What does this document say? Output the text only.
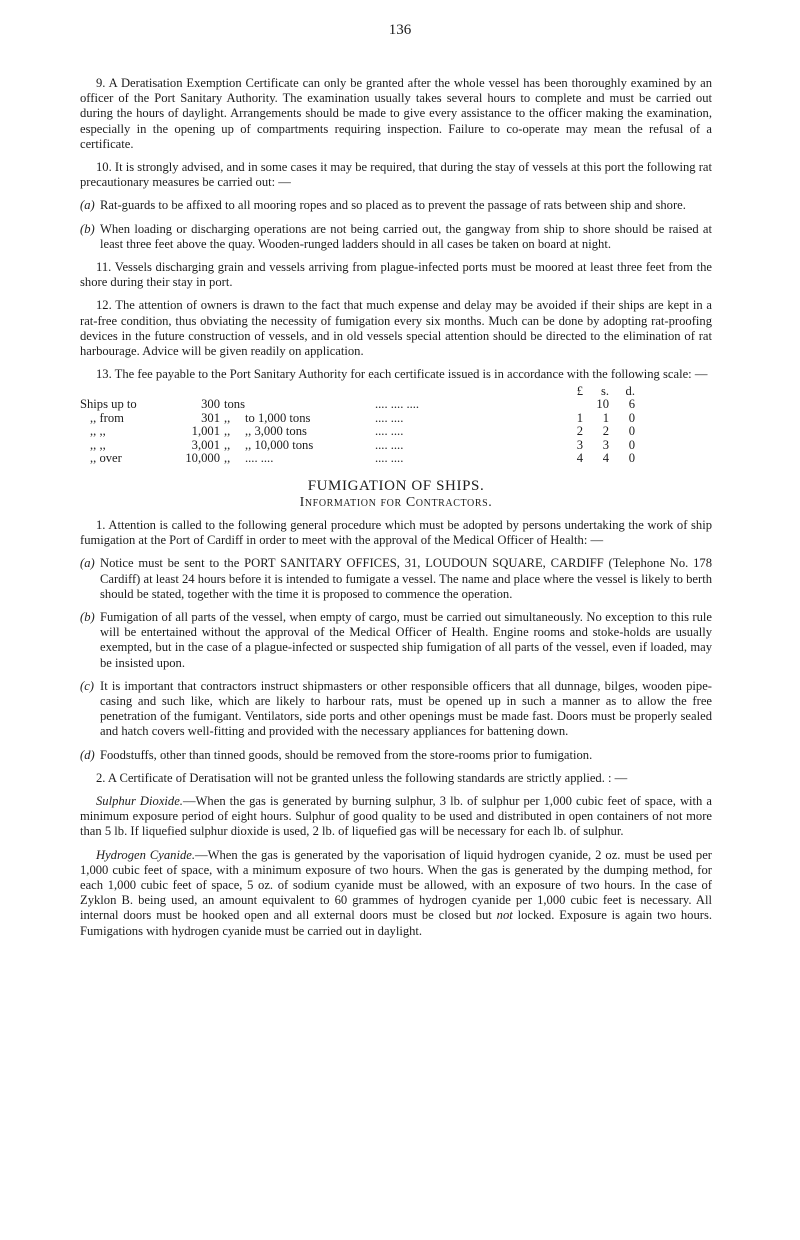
136

9. A Deratisation Exemption Certificate can only be granted after the whole vessel has been thoroughly examined by an officer of the Port Sanitary Authority. The examination usually takes several hours to complete and must be carried out during the hours of daylight. Arrangements should be made to give every assistance to the officer making the examination, especially in the opening up of compartments requiring inspection. Failure to co-operate may mean the refusal of a certificate.

10. It is strongly advised, and in some cases it may be required, that during the stay of vessels at this port the following rat precautionary measures be carried out: —

(a) Rat-guards to be affixed to all mooring ropes and so placed as to prevent the passage of rats between ship and shore.

(b) When loading or discharging operations are not being carried out, the gangway from ship to shore should be raised at least three feet above the quay. Wooden-runged ladders should in all cases be taken on board at night.

11. Vessels discharging grain and vessels arriving from plague-infected ports must be moored at least three feet from the shore during their stay in port.

12. The attention of owners is drawn to the fact that much expense and delay may be avoided if their ships are kept in a rat-free condition, thus obviating the necessity of fumigation every six months. Much can be done by adopting rat-proofing devices in the future construction of vessels, and in old vessels special attention should be directed to the elimination of rat harbourage. Advice will be given readily on application.

13. The fee payable to the Port Sanitary Authority for each certificate issued is in accordance with the following scale: —

					£	s.	d.
Ships up to	300	tons		.... .... ....		10	6
,, from	301	,,	to 1,000 tons	.... ....	1	1	0
,, ,,	1,001	,,	,, 3,000 tons	.... ....	2	2	0
,, ,,	3,001	,,	,, 10,000 tons	.... ....	3	3	0
,, over	10,000	,,	.... ....	.... ....	4	4	0
FUMIGATION OF SHIPS.
Information for Contractors.

1. Attention is called to the following general procedure which must be adopted by persons undertaking the work of ship fumigation at the Port of Cardiff in order to meet with the approval of the Medical Officer of Health: —

(a) Notice must be sent to the PORT SANITARY OFFICES, 31, LOUDOUN SQUARE, CARDIFF (Telephone No. 178 Cardiff) at least 24 hours before it is intended to fumigate a vessel. The name and place where the vessel is likely to berth should be stated, together with the time it is proposed to commence the operation.

(b) Fumigation of all parts of the vessel, when empty of cargo, must be carried out simultaneously. No exception to this rule will be entertained without the approval of the Medical Officer of Health. Engine rooms and stoke-holds are usually exempted, but in the case of a plague-infected or suspected ship fumigation of all parts of the vessel, even if loaded, may be insisted upon.

(c) It is important that contractors instruct shipmasters or other responsible officers that all dunnage, bilges, wooden pipe-casing and such like, which are likely to harbour rats, must be opened up in such a manner as to allow the free penetration of the fumigant. Ventilators, side ports and other openings must be made fast. Doors must be properly sealed and hatch covers well-fitting and provided with the necessary appliances for battening down.

(d) Foodstuffs, other than tinned goods, should be removed from the store-rooms prior to fumigation.

2. A Certificate of Deratisation will not be granted unless the following standards are strictly applied. : —

Sulphur Dioxide.—When the gas is generated by burning sulphur, 3 lb. of sulphur per 1,000 cubic feet of space, with a minimum exposure period of eight hours. Sulphur of good quality to be used and distributed in open containers of not more than 5 lb. If liquefied sulphur dioxide is used, 2 lb. of liquefied gas will be necessary for each lb. of sulphur.

Hydrogen Cyanide.—When the gas is generated by the vaporisation of liquid hydrogen cyanide, 2 oz. must be used per 1,000 cubic feet of space, with a minimum exposure of two hours. When the gas is generated by the dumping method, for each 1,000 cubic feet of space, 5 oz. of sodium cyanide must be allowed, with an exposure of two hours. In the case of Zyklon B. being used, an amount equivalent to 60 grammes of hydrogen cyanide per 1,000 cubic feet is necessary. All internal doors must be hooked open and all external doors must be closed but not locked. Exposure is again two hours. Fumigations with hydrogen cyanide must be carried out in daylight.
